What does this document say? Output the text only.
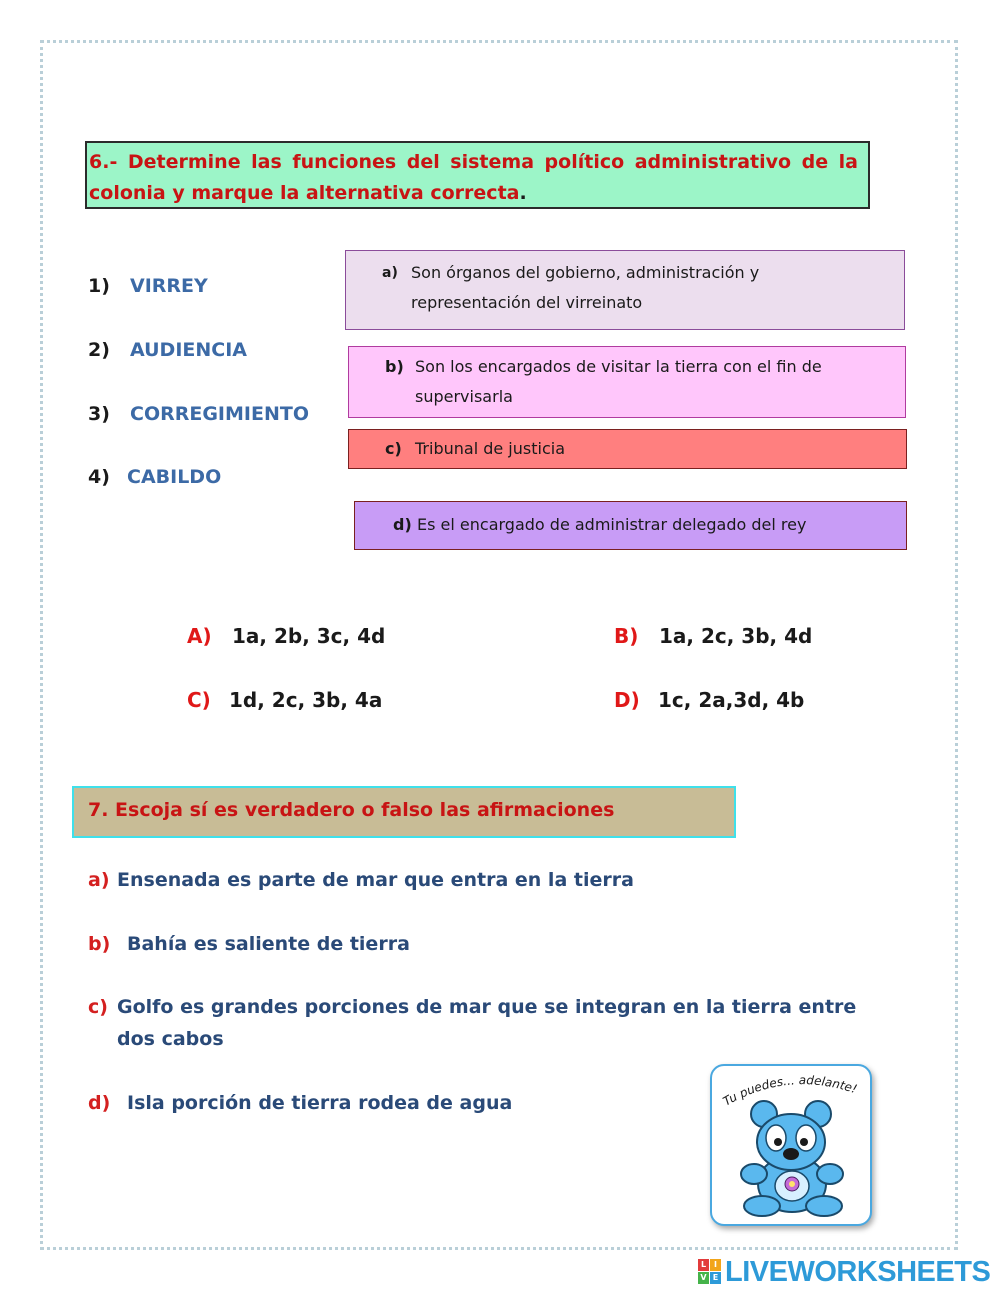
6.- Determine las funciones del sistema político administrativo de la colonia y marque la alternativa correcta.
1) VIRREY
2) AUDIENCIA
3) CORREGIMIENTO
4) CABILDO
a) Son órganos del gobierno, administración y
representación del virreinato
b) Son los encargados de visitar la tierra con el fin de
supervisarla
c) Tribunal de justicia
d) Es el encargado de administrar delegado del rey
A) 1a, 2b, 3c, 4d	B) 1a, 2c, 3b, 4d
C) 1d, 2c, 3b, 4a	D) 1c, 2a,3d, 4b
7. Escoja sí es verdadero o falso las afirmaciones
a) Ensenada es parte de mar que entra en la tierra
b) Bahía es saliente de tierra
c) Golfo es grandes porciones de mar que se integran en la tierra entre
dos cabos
d) Isla porción de tierra rodea de agua	Tu puedes... adelante!
L I
V E LIVEWORKSHEETS
